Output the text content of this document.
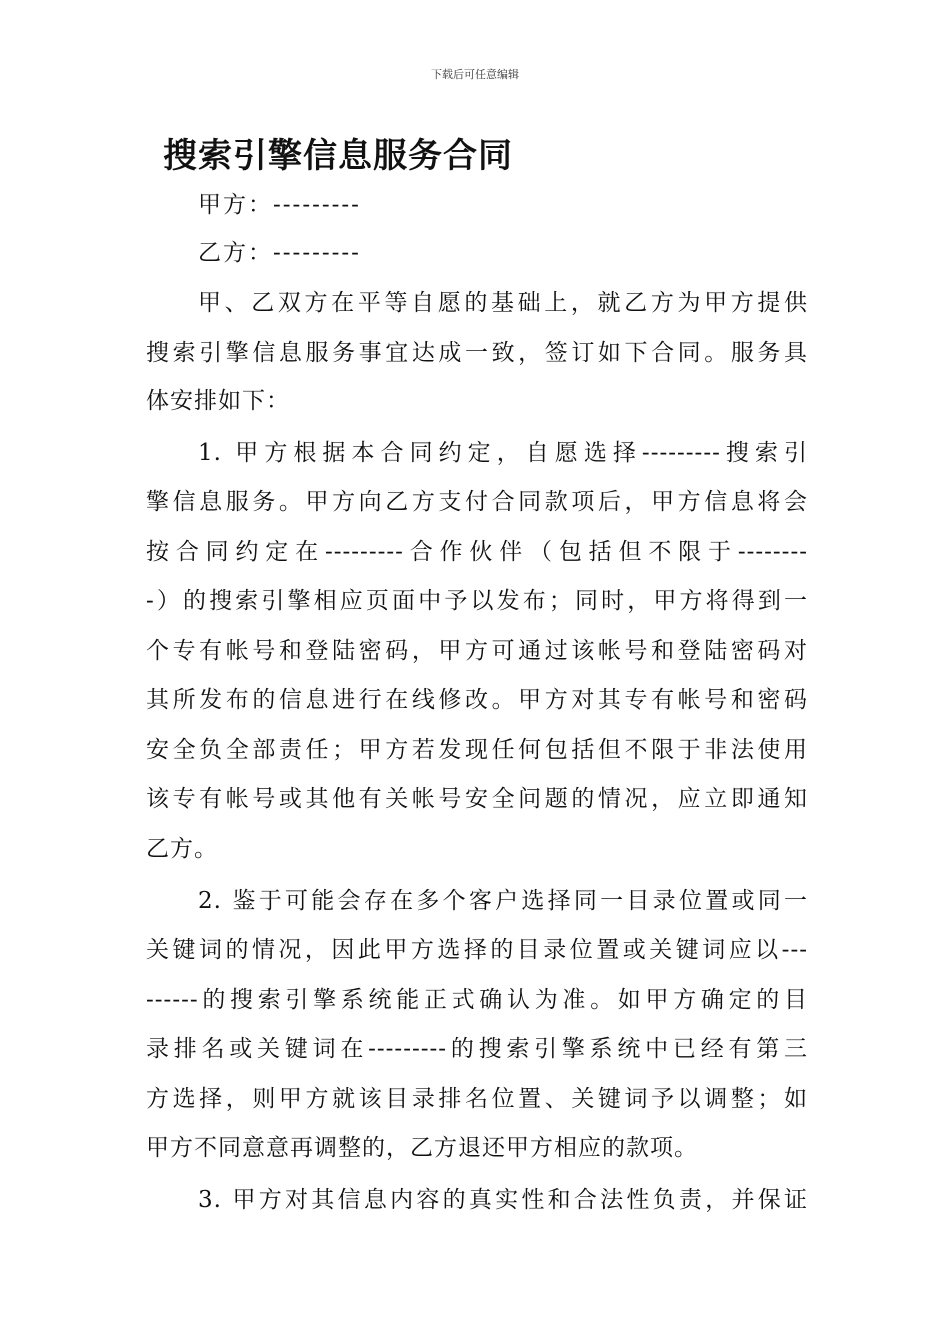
下载后可任意编辑
搜索引擎信息服务合同
甲方：---------
乙方：---------
甲、乙双方在平等自愿的基础上，就乙方为甲方提供
搜索引擎信息服务事宜达成一致，签订如下合同。服务具
体安排如下：
1. 甲方根据本合同约定，自愿选择---------搜索引
擎信息服务。甲方向乙方支付合同款项后，甲方信息将会
按合同约定在---------合作伙伴（包括但不限于--------
-）的搜索引擎相应页面中予以发布；同时，甲方将得到一
个专有帐号和登陆密码，甲方可通过该帐号和登陆密码对
其所发布的信息进行在线修改。甲方对其专有帐号和密码
安全负全部责任；甲方若发现任何包括但不限于非法使用
该专有帐号或其他有关帐号安全问题的情况，应立即通知
乙方。
2. 鉴于可能会存在多个客户选择同一目录位置或同一
关键词的情况，因此甲方选择的目录位置或关键词应以---
------的搜索引擎系统能正式确认为准。如甲方确定的目
录排名或关键词在---------的搜索引擎系统中已经有第三
方选择，则甲方就该目录排名位置、关键词予以调整；如
甲方不同意意再调整的，乙方退还甲方相应的款项。
3. 甲方对其信息内容的真实性和合法性负责，并保证
